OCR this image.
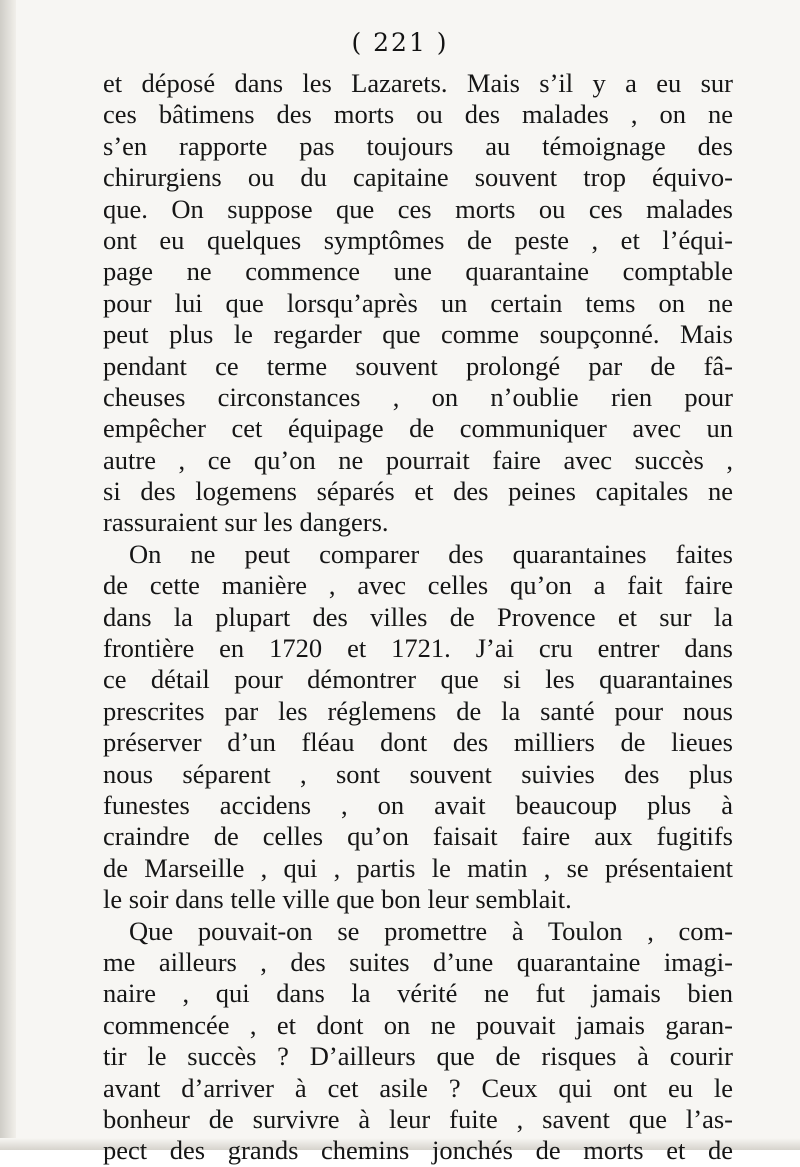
( 221 )
et déposé dans les Lazarets. Mais s’il y a eu sur
ces bâtimens des morts ou des malades , on ne
s’en rapporte pas toujours au témoignage des
chirurgiens ou du capitaine souvent trop équivo-
que. On suppose que ces morts ou ces malades
ont eu quelques symptômes de peste , et l’équi-
page ne commence une quarantaine comptable
pour lui que lorsqu’après un certain tems on ne
peut plus le regarder que comme soupçonné. Mais
pendant ce terme souvent prolongé par de fâ-
cheuses circonstances , on n’oublie rien pour
empêcher cet équipage de communiquer avec un
autre , ce qu’on ne pourrait faire avec succès ,
si des logemens séparés et des peines capitales ne
rassuraient sur les dangers.
On ne peut comparer des quarantaines faites
de cette manière , avec celles qu’on a fait faire
dans la plupart des villes de Provence et sur la
frontière en 1720 et 1721. J’ai cru entrer dans
ce détail pour démontrer que si les quarantaines
prescrites par les réglemens de la santé pour nous
préserver d’un fléau dont des milliers de lieues
nous séparent , sont souvent suivies des plus
funestes accidens , on avait beaucoup plus à
craindre de celles qu’on faisait faire aux fugitifs
de Marseille , qui , partis le matin , se présentaient
le soir dans telle ville que bon leur semblait.
Que pouvait-on se promettre à Toulon , com-
me ailleurs , des suites d’une quarantaine imagi-
naire , qui dans la vérité ne fut jamais bien
commencée , et dont on ne pouvait jamais garan-
tir le succès ? D’ailleurs que de risques à courir
avant d’arriver à cet asile ? Ceux qui ont eu le
bonheur de survivre à leur fuite , savent que l’as-
pect des grands chemins jonchés de morts et de
